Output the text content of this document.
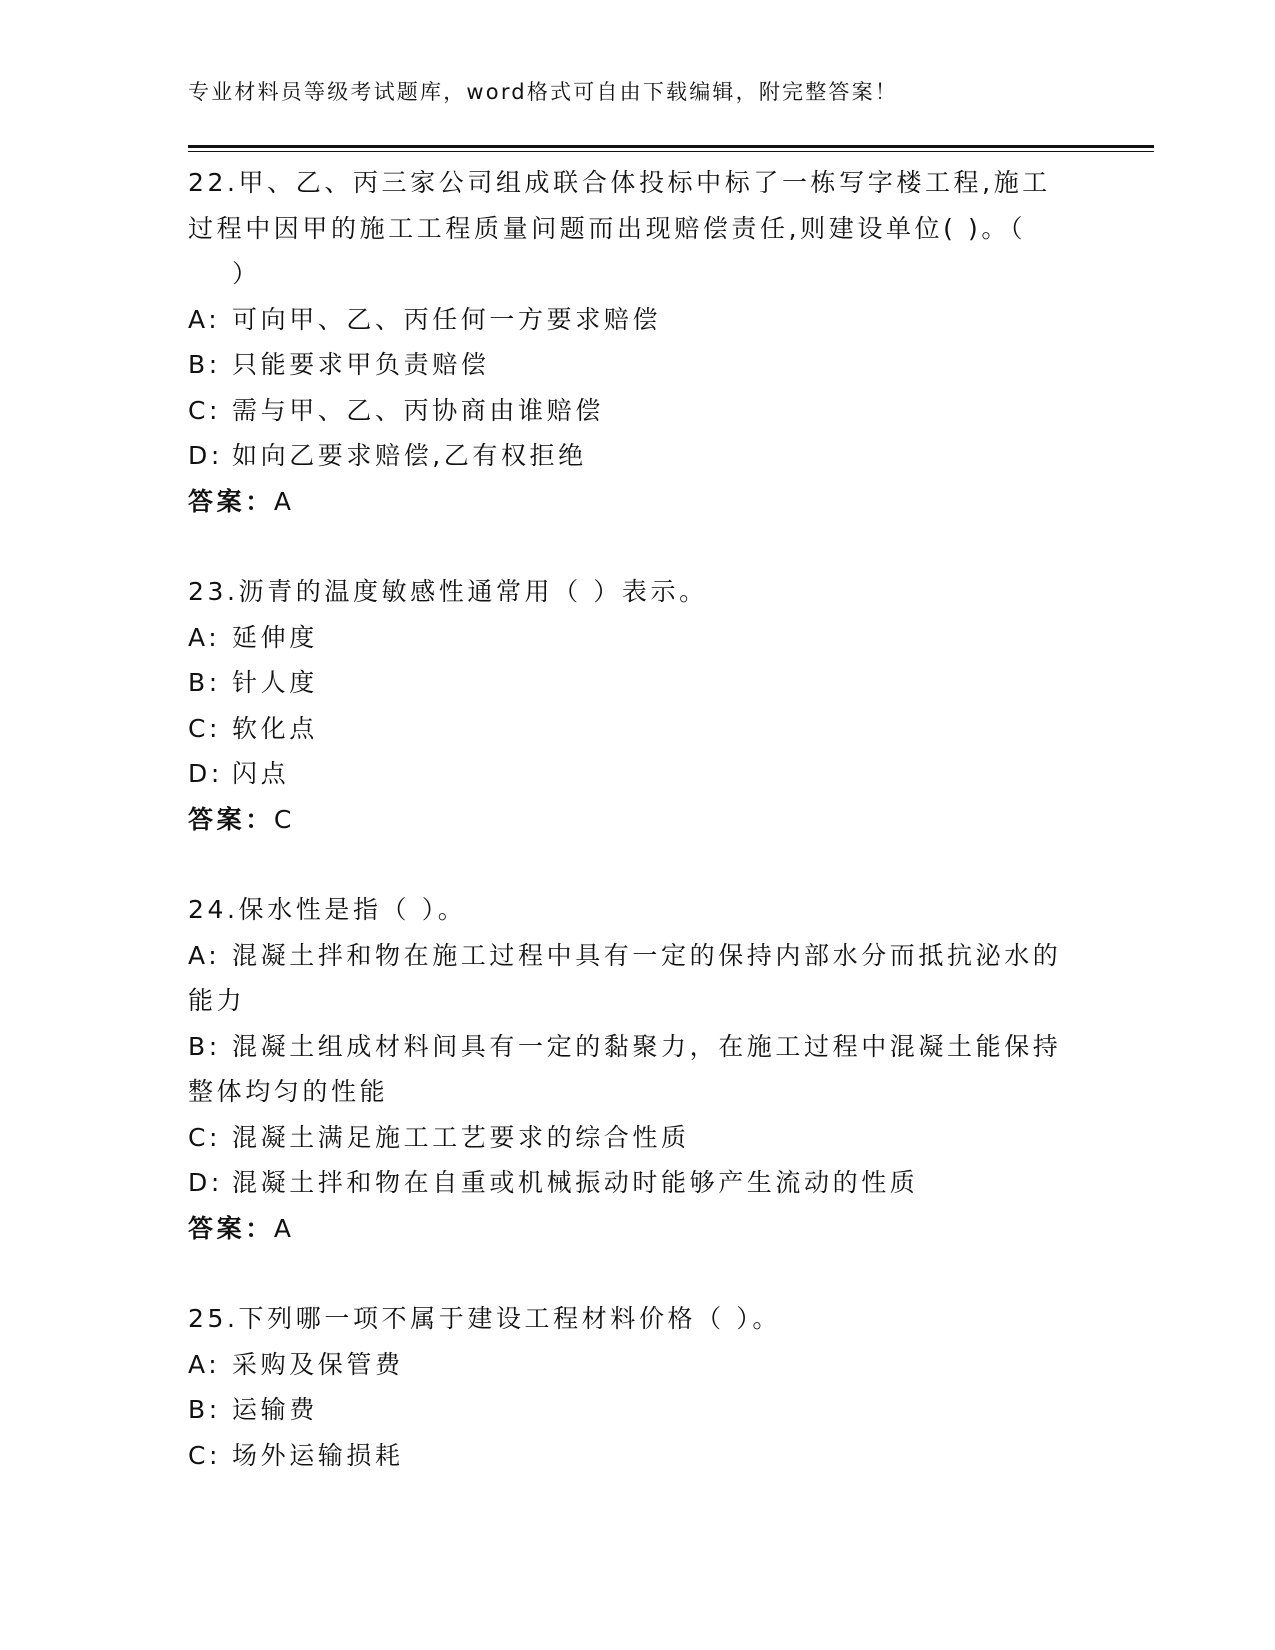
专业材料员等级考试题库，word格式可自由下载编辑，附完整答案！
22.甲、乙、丙三家公司组成联合体投标中标了一栋写字楼工程,施工
过程中因甲的施工工程质量问题而出现赔偿责任,则建设单位( )。（
）
A: 可向甲、乙、丙任何一方要求赔偿
B: 只能要求甲负责赔偿
C: 需与甲、乙、丙协商由谁赔偿
D: 如向乙要求赔偿,乙有权拒绝
答案：A
23.沥青的温度敏感性通常用（ ）表示。
A: 延伸度
B: 针人度
C: 软化点
D: 闪点
答案：C
24.保水性是指（ ）。
A: 混凝土拌和物在施工过程中具有一定的保持内部水分而抵抗泌水的
能力
B: 混凝土组成材料间具有一定的黏聚力，在施工过程中混凝土能保持
整体均匀的性能
C: 混凝土满足施工工艺要求的综合性质
D: 混凝土拌和物在自重或机械振动时能够产生流动的性质
答案：A
25.下列哪一项不属于建设工程材料价格（ ）。
A: 采购及保管费
B: 运输费
C: 场外运输损耗
